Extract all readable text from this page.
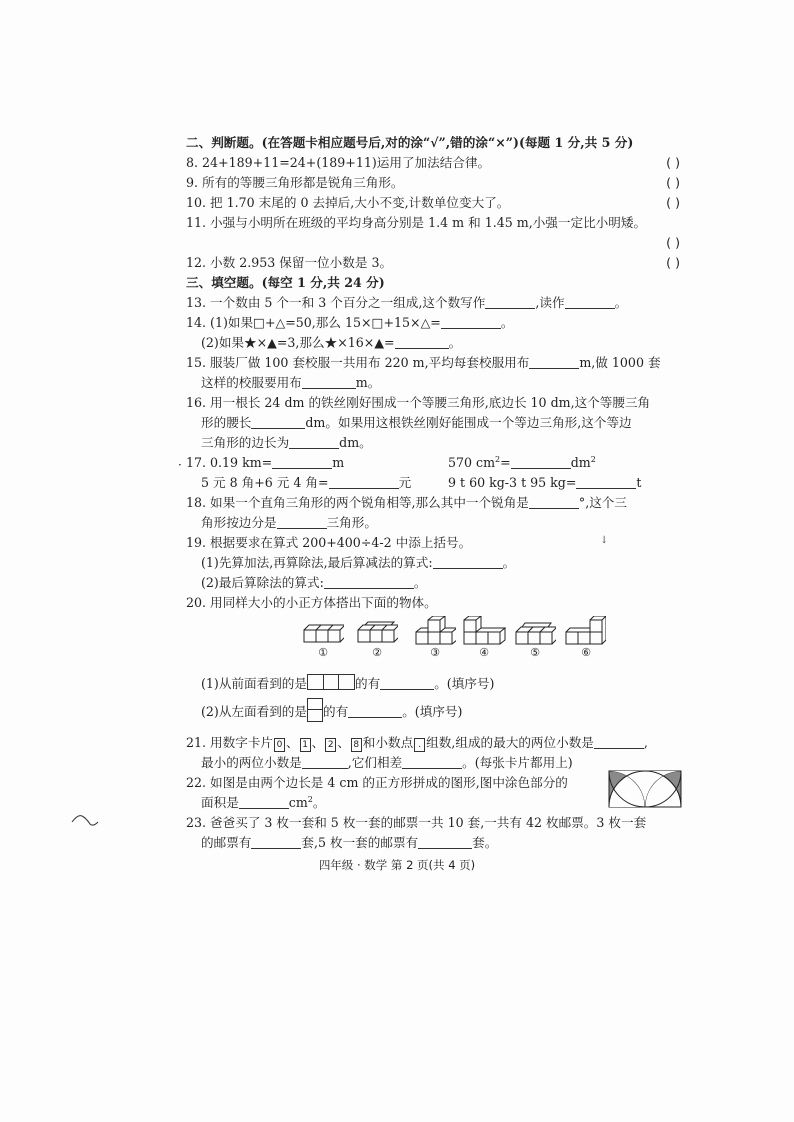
二、判断题。(在答题卡相应题号后,对的涂“√”,错的涂“×”)(每题 1 分,共 5 分)
8. 24+189+11=24+(189+11)运用了加法结合律。	( )
9. 所有的等腰三角形都是锐角三角形。	( )
10. 把 1.70 末尾的 0 去掉后,大小不变,计数单位变大了。	( )
11. 小强与小明所在班级的平均身高分别是 1.4 m 和 1.45 m,小强一定比小明矮。
( )
12. 小数 2.953 保留一位小数是 3。	( )
三、填空题。(每空 1 分,共 24 分)
13. 一个数由 5 个一和 3 个百分之一组成,这个数写作	,读作	。
14. (1)如果□+△=50,那么 15×□+15×△=	。
(2)如果★×▲=3,那么★×16×▲=	。
15. 服装厂做 100 套校服一共用布 220 m,平均每套校服用布	m,做 1000 套
这样的校服要用布	m。
16. 用一根长 24 dm 的铁丝刚好围成一个等腰三角形,底边长 10 dm,这个等腰三角
形的腰长	dm。如果用这根铁丝刚好能围成一个等边三角形,这个等边
三角形的边长为	dm。
17. 0.19 km=	m	570 $cm^2=$	$dm^2$
5 元 8 角+6 元 4 角=	元	9 t 60 kg-3 t 95 kg=	t
18. 如果一个直角三角形的两个锐角相等,那么其中一个锐角是	°,这个三
角形按边分是	三角形。
19. 根据要求在算式 200+400÷4-2 中添上括号。
(1)先算加法,再算除法,最后算减法的算式:	。
(2)最后算除法的算式:	。
20. 用同样大小的小正方体搭出下面的物体。
(1)从前面看到的是	的有	。(填序号)
(2)从左面看到的是 的有	。(填序号)
21. 用数字卡片 0 、 1 、 2 、 8 和小数点 . 组数,组成的最大的两位小数是	,
最小的两位小数是	,它们相差	。(每张卡片都用上)
22. 如图是由两个边长是 4 cm 的正方形拼成的图形,图中涂色部分的
面积是	$cm^2$。
23. 爸爸买了 3 枚一套和 5 枚一套的邮票一共 10 套,一共有 42 枚邮票。3 枚一套
的邮票有	套,5 枚一套的邮票有	套。
①	②	③	④	⑤	⑥
四年级 · 数学 第 2 页(共 4 页)
·
↓
